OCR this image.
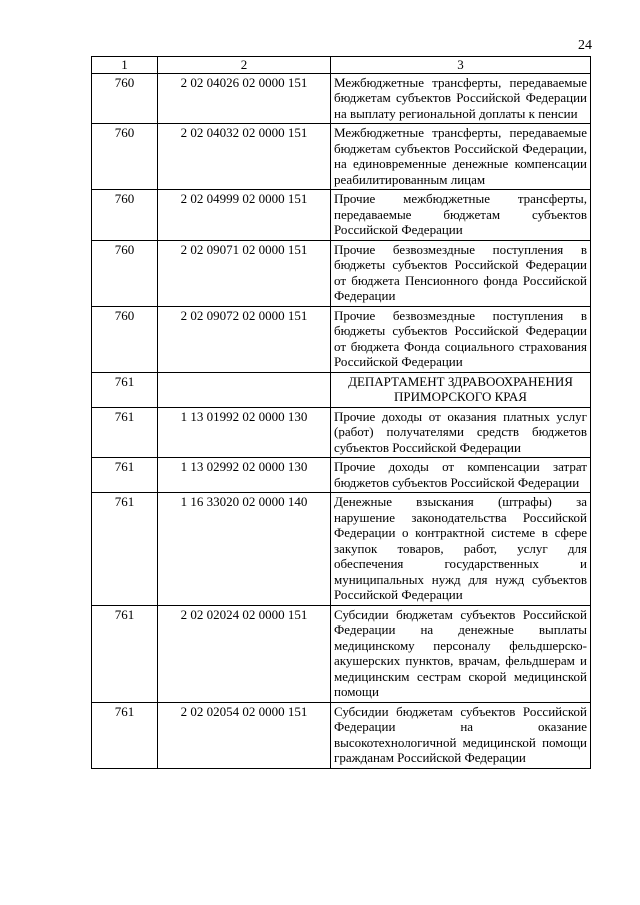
24
1	2	3
760	2 02 04026 02 0000 151	Межбюджетные трансферты, передаваемые бюджетам субъектов Российской Федерации на выплату региональной доплаты к пенсии
760	2 02 04032 02 0000 151	Межбюджетные трансферты, передаваемые бюджетам субъектов Российской Федерации, на единовременные денежные компенсации реабилитированным лицам
760	2 02 04999 02 0000 151	Прочие межбюджетные трансферты, передаваемые бюджетам субъектов Российской Федерации
760	2 02 09071 02 0000 151	Прочие безвозмездные поступления в бюджеты субъектов Российской Федерации от бюджета Пенсионного фонда Российской Федерации
760	2 02 09072 02 0000 151	Прочие безвозмездные поступления в бюджеты субъектов Российской Федерации от бюджета Фонда социального страхования Российской Федерации
761		ДЕПАРТАМЕНТ ЗДРАВООХРАНЕНИЯ ПРИМОРСКОГО КРАЯ
761	1 13 01992 02 0000 130	Прочие доходы от оказания платных услуг (работ) получателями средств бюджетов субъектов Российской Федерации
761	1 13 02992 02 0000 130	Прочие доходы от компенсации затрат бюджетов субъектов Российской Федерации
761	1 16 33020 02 0000 140	Денежные взыскания (штрафы) за нарушение законодательства Российской Федерации о контрактной системе в сфере закупок товаров, работ, услуг для обеспечения государственных и муниципальных нужд для нужд субъектов Российской Федерации
761	2 02 02024 02 0000 151	Субсидии бюджетам субъектов Российской Федерации на денежные выплаты медицинскому персоналу фельдшерско-акушерских пунктов, врачам, фельдшерам и медицинским сестрам скорой медицинской помощи
761	2 02 02054 02 0000 151	Субсидии бюджетам субъектов Российской Федерации на оказание высокотехнологичной медицинской помощи гражданам Российской Федерации
